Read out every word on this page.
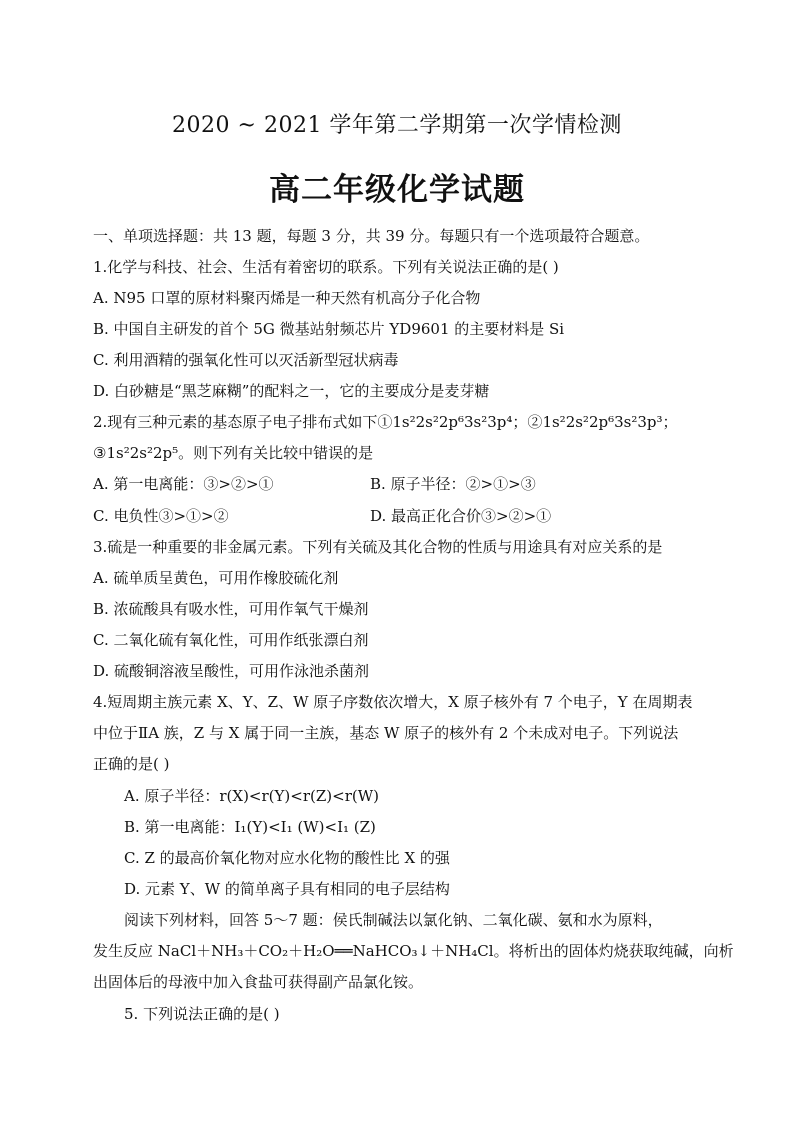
2020 ~ 2021 学年第二学期第一次学情检测
高二年级化学试题
一、单项选择题：共 13 题，每题 3 分，共 39 分。每题只有一个选项最符合题意。
1.化学与科技、社会、生活有着密切的联系。下列有关说法正确的是( )
A. N95 口罩的原材料聚丙烯是一种天然有机高分子化合物
B. 中国自主研发的首个 5G 微基站射频芯片 YD9601 的主要材料是 Si
C. 利用酒精的强氧化性可以灭活新型冠状病毒
D. 白砂糖是“黑芝麻糊”的配料之一，它的主要成分是麦芽糖
2.现有三种元素的基态原子电子排布式如下①1s²2s²2p⁶3s²3p⁴；②1s²2s²2p⁶3s²3p³；
③1s²2s²2p⁵。则下列有关比较中错误的是
A. 第一电离能：③>②>①	B. 原子半径：②>①>③
C. 电负性③>①>②	D. 最高正化合价③>②>①
3.硫是一种重要的非金属元素。下列有关硫及其化合物的性质与用途具有对应关系的是
A. 硫单质呈黄色，可用作橡胶硫化剂
B. 浓硫酸具有吸水性，可用作氧气干燥剂
C. 二氧化硫有氧化性，可用作纸张漂白剂
D. 硫酸铜溶液呈酸性，可用作泳池杀菌剂
4.短周期主族元素 X、Y、Z、W 原子序数依次增大，X 原子核外有 7 个电子，Y 在周期表
中位于ⅡA 族，Z 与 X 属于同一主族，基态 W 原子的核外有 2 个未成对电子。下列说法
正确的是( )
A. 原子半径：r(X)<r(Y)<r(Z)<r(W)
B. 第一电离能：I₁(Y)<I₁ (W)<I₁ (Z)
C. Z 的最高价氧化物对应水化物的酸性比 X 的强
D. 元素 Y、W 的简单离子具有相同的电子层结构
阅读下列材料，回答 5～7 题：侯氏制碱法以氯化钠、二氧化碳、氨和水为原料，
发生反应 NaCl＋NH₃＋CO₂＋H₂O══NaHCO₃↓＋NH₄Cl。将析出的固体灼烧获取纯碱，向析
出固体后的母液中加入食盐可获得副产品氯化铵。
5. 下列说法正确的是( )
